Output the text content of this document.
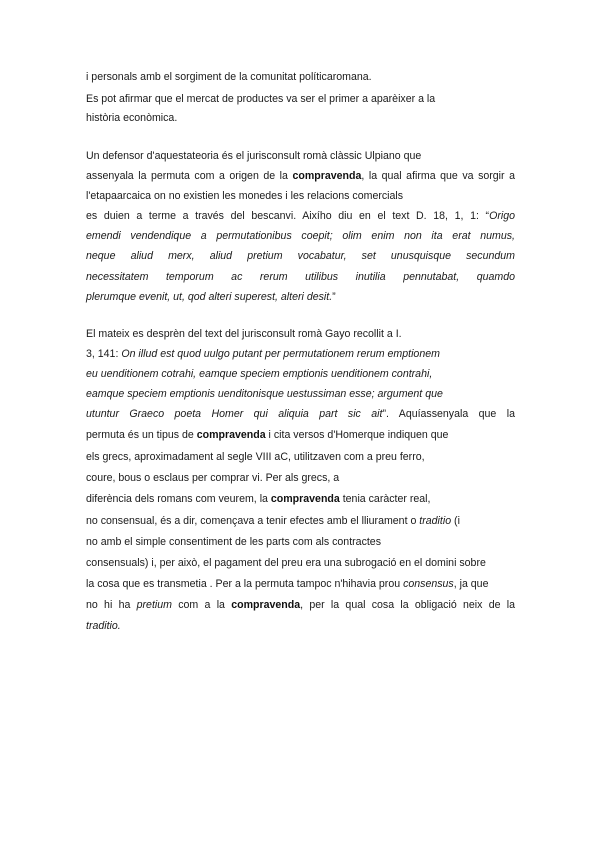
i personals amb el sorgiment de la comunitat políticaromana.
Es pot afirmar que el mercat de productes va ser el primer a aparèixer a la
història econòmica.
Un defensor d'aquestateoria és el jurisconsult romà clàssic Ulpiano que
assenyala la permuta com a origen de la compravenda, la qual afirma que va sorgir a
l'etapaarcaica on no existien les monedes i les relacions comercials
es duien a terme a través del bescanvi. Aixího diu en el text D. 18, 1, 1: “Origo
emendi vendendique a permutationibus coepit; olim enim non ita erat numus,
neque aliud merx, aliud pretium vocabatur, set unusquisque secundum
necessitatem temporum ac rerum utilibus inutilia pennutabat, quamdo
plerumque evenit, ut, qod alteri superest, alteri desit.”
El mateix es desprèn del text del jurisconsult romà Gayo recollit a I.
3, 141: On illud est quod uulgo putant per permutationem rerum emptionem
eu uenditionem cotrahi, eamque speciem emptionis uenditionem contrahi,
eamque speciem emptionis uenditonisque uestussiman esse; argument que
utuntur Graeco poeta Homer qui aliquia part sic ait”. Aquíassenyala que la
permuta és un tipus de compravenda i cita versos d'Homerque indiquen que
els grecs, aproximadament al segle VIII aC, utilitzaven com a preu ferro,
coure, bous o esclaus per comprar vi. Per als grecs, a
diferència dels romans com veurem, la compravenda tenia caràcter real,
no consensual, és a dir, començava a tenir efectes amb el lliurament o traditio (i
no amb el simple consentiment de les parts com als contractes
consensuals) i, per això, el pagament del preu era una subrogació en el domini sobre
la cosa que es transmetia . Per a la permuta tampoc n'hihavia prou consensus, ja que
no hi ha pretium com a la compravenda, per la qual cosa la obligació neix de la
traditio.
